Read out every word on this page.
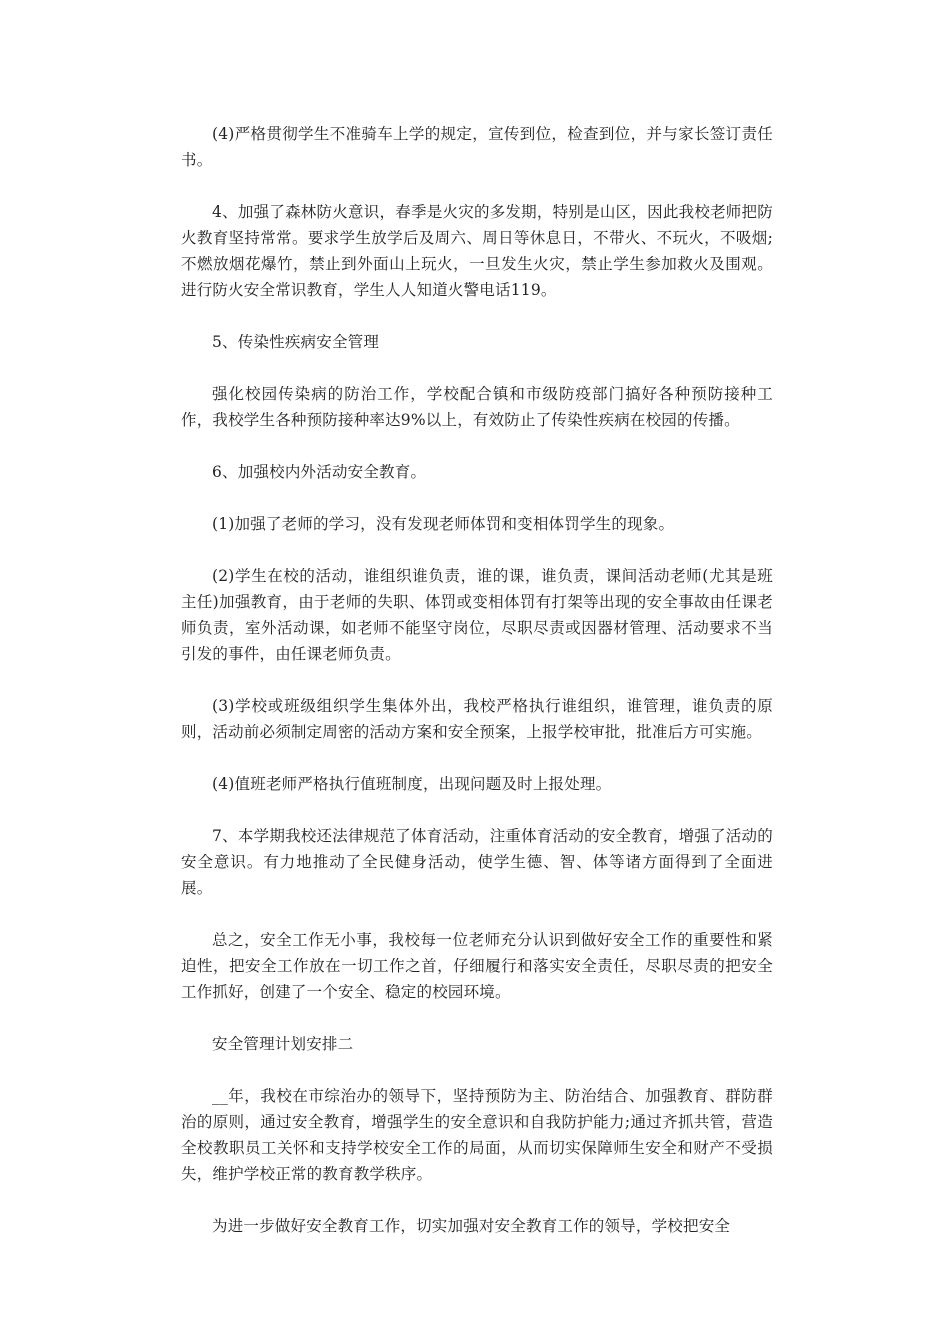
(4)严格贯彻学生不准骑车上学的规定，宣传到位，检查到位，并与家长签订责任书。

4、加强了森林防火意识，春季是火灾的多发期，特别是山区，因此我校老师把防火教育坚持常常。要求学生放学后及周六、周日等休息日，不带火、不玩火，不吸烟;不燃放烟花爆竹，禁止到外面山上玩火，一旦发生火灾，禁止学生参加救火及围观。进行防火安全常识教育，学生人人知道火警电话119。

5、传染性疾病安全管理

强化校园传染病的防治工作，学校配合镇和市级防疫部门搞好各种预防接种工作，我校学生各种预防接种率达9%以上，有效防止了传染性疾病在校园的传播。

6、加强校内外活动安全教育。

(1)加强了老师的学习，没有发现老师体罚和变相体罚学生的现象。

(2)学生在校的活动，谁组织谁负责，谁的课，谁负责，课间活动老师(尤其是班主任)加强教育，由于老师的失职、体罚或变相体罚有打架等出现的安全事故由任课老师负责，室外活动课，如老师不能坚守岗位，尽职尽责或因器材管理、活动要求不当引发的事件，由任课老师负责。

(3)学校或班级组织学生集体外出，我校严格执行谁组织，谁管理，谁负责的原则，活动前必须制定周密的活动方案和安全预案，上报学校审批，批准后方可实施。

(4)值班老师严格执行值班制度，出现问题及时上报处理。

7、本学期我校还法律规范了体育活动，注重体育活动的安全教育，增强了活动的安全意识。有力地推动了全民健身活动，使学生德、智、体等诸方面得到了全面进展。

总之，安全工作无小事，我校每一位老师充分认识到做好安全工作的重要性和紧迫性，把安全工作放在一切工作之首，仔细履行和落实安全责任，尽职尽责的把安全工作抓好，创建了一个安全、稳定的校园环境。

安全管理计划安排二

__年，我校在市综治办的领导下，坚持预防为主、防治结合、加强教育、群防群治的原则，通过安全教育，增强学生的安全意识和自我防护能力;通过齐抓共管，营造全校教职员工关怀和支持学校安全工作的局面，从而切实保障师生安全和财产不受损失，维护学校正常的教育教学秩序。

为进一步做好安全教育工作，切实加强对安全教育工作的领导，学校把安全
